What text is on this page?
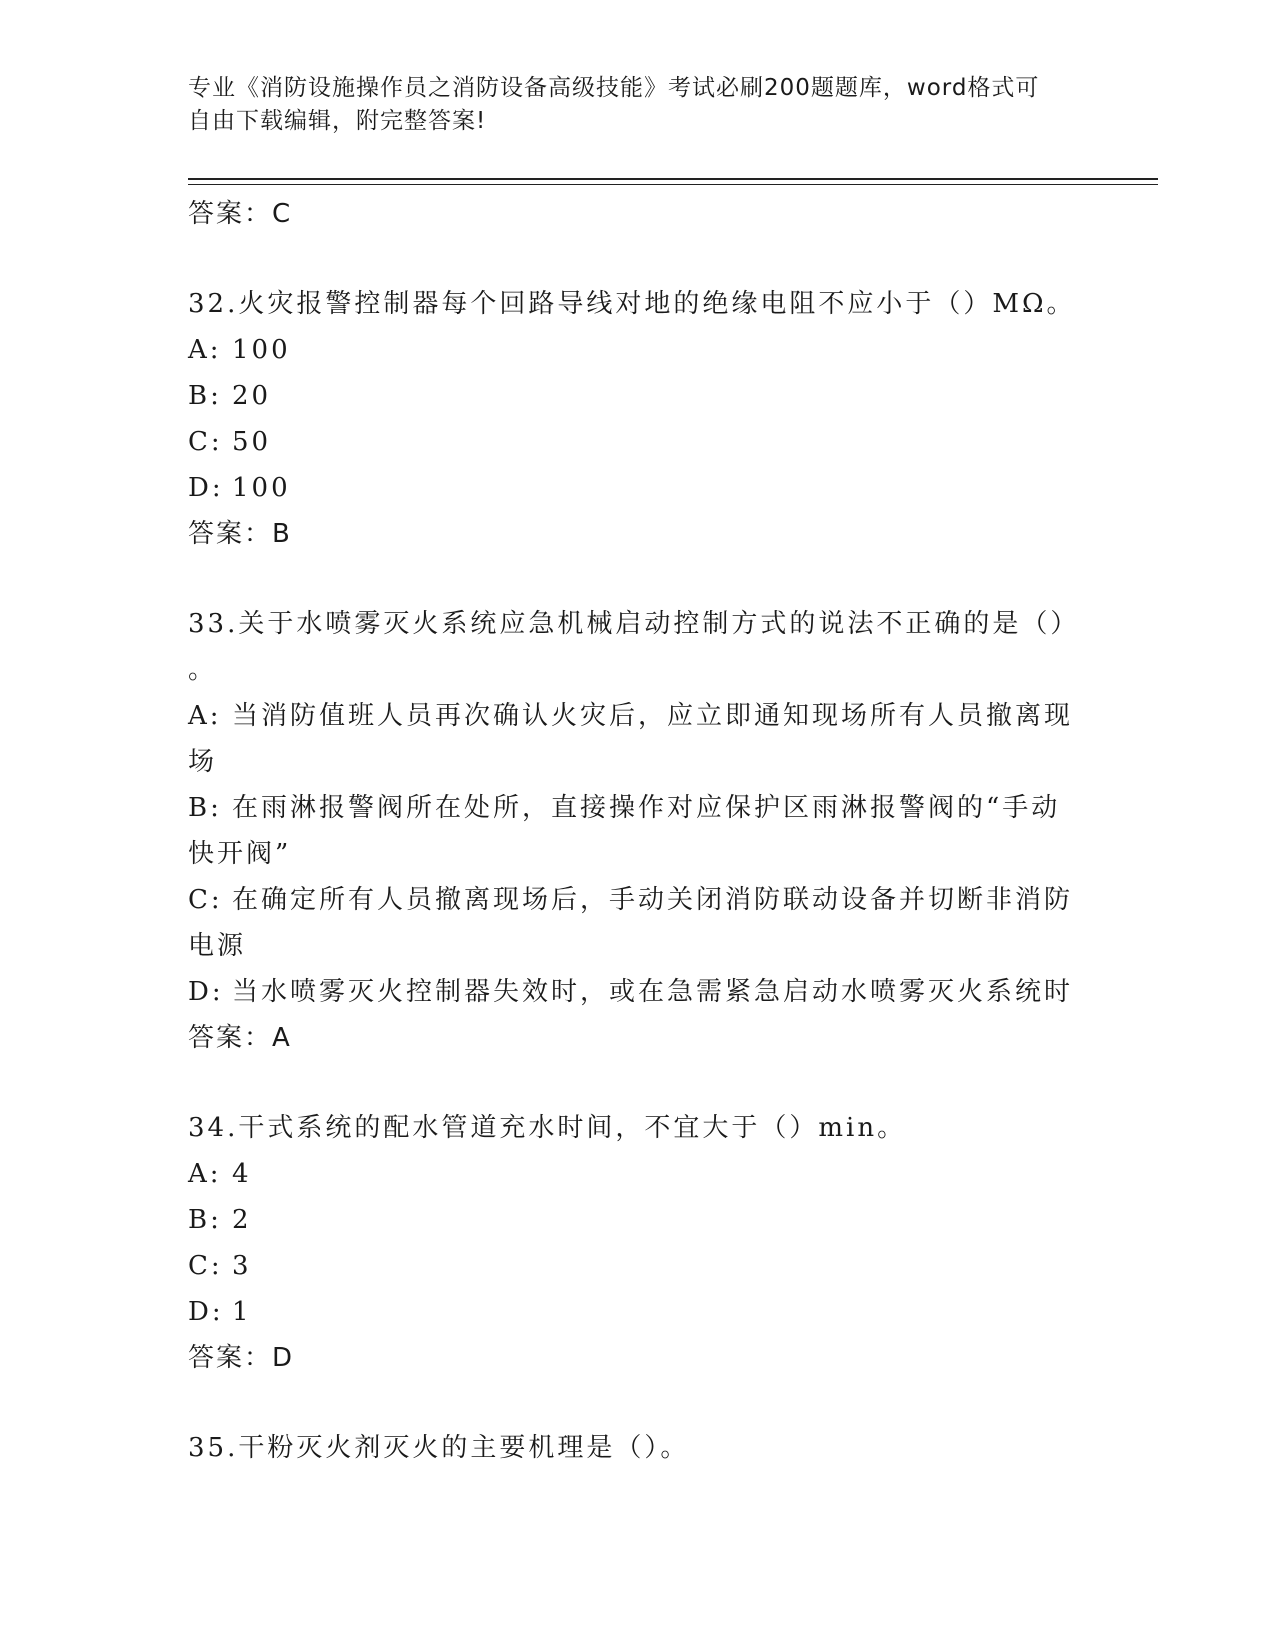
专业《消防设施操作员之消防设备高级技能》考试必刷200题题库，word格式可
自由下载编辑，附完整答案!
答案：C
32.火灾报警控制器每个回路导线对地的绝缘电阻不应小于（）MΩ。
A: 100
B: 20
C: 50
D: 100
答案：B
33.关于水喷雾灭火系统应急机械启动控制方式的说法不正确的是（）
。
A: 当消防值班人员再次确认火灾后，应立即通知现场所有人员撤离现
场
B: 在雨淋报警阀所在处所，直接操作对应保护区雨淋报警阀的“手动
快开阀”
C: 在确定所有人员撤离现场后，手动关闭消防联动设备并切断非消防
电源
D: 当水喷雾灭火控制器失效时，或在急需紧急启动水喷雾灭火系统时
答案：A
34.干式系统的配水管道充水时间，不宜大于（）min。
A: 4
B: 2
C: 3
D: 1
答案：D
35.干粉灭火剂灭火的主要机理是（）。
